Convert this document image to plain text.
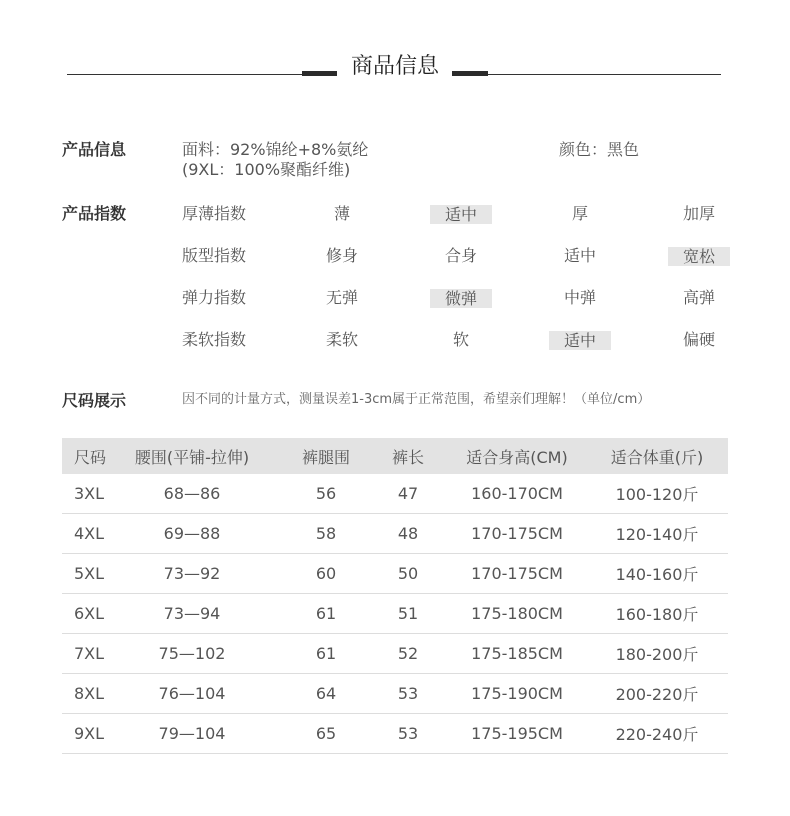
商品信息
产品信息	面料：92%锦纶+8%氨纶
(9XL：100%聚酯纤维)
颜色：黑色
产品指数	厚薄指数	薄	适中	厚	加厚
版型指数	修身	合身	适中	宽松
弹力指数	无弹	微弹	中弹	高弹
柔软指数	柔软	软	适中	偏硬
尺码展示	因不同的计量方式，测量误差1-3cm属于正常范围，希望亲们理解！（单位/cm）
尺码	腰围(平铺-拉伸)	裤腿围	裤长	适合身高(CM)	适合体重(斤)
3XL	68—86	56	47	160-170CM	100-120斤
4XL	69—88	58	48	170-175CM	120-140斤
5XL	73—92	60	50	170-175CM	140-160斤
6XL	73—94	61	51	175-180CM	160-180斤
7XL	75—102	61	52	175-185CM	180-200斤
8XL	76—104	64	53	175-190CM	200-220斤
9XL	79—104	65	53	175-195CM	220-240斤
